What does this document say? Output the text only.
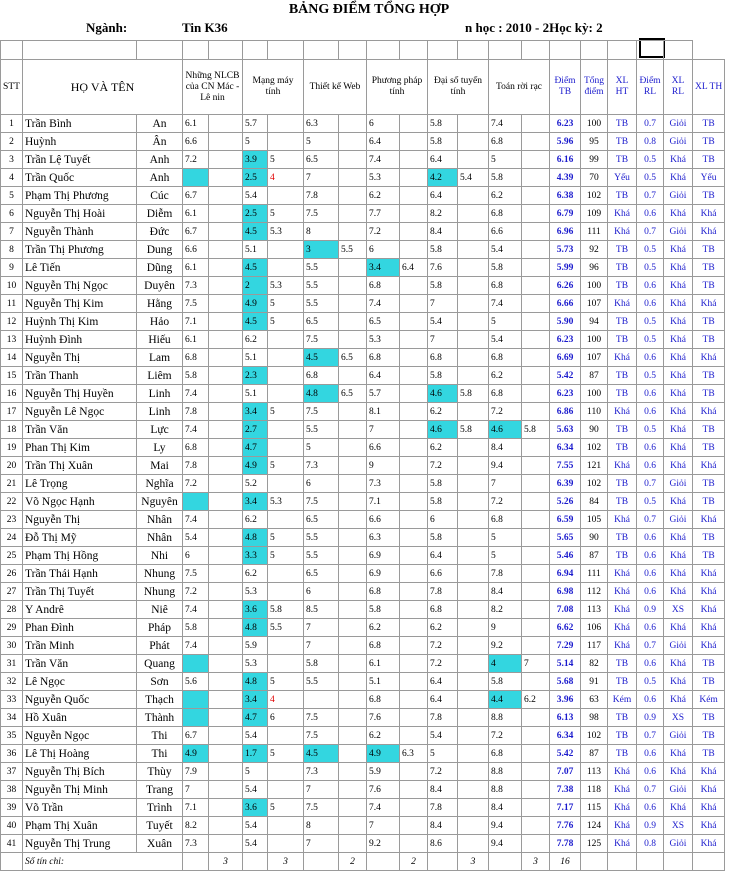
BẢNG ĐIỂM TỔNG HỢP
Ngành:	Tin K36	n học : 2010 - 2Học kỳ: 2

STT	HỌ VÀ TÊN		Những NLCB của CN Mác - Lê nin		Mạng máy tính		Thiết kế Web		Phương pháp tính		Đại số tuyến tính		Toán rời rạc		Điểm TB	Tổng điểm	XL HT	Điểm RL	XL RL	XL TH
1	Trần Bình	An	6.1		5.7		6.3		6		5.8		7.4		6.23	100	TB	0.7	Giỏi	TB
2	Huỳnh	Ân	6.6		5		5		6.4		5.8		6.8		5.96	95	TB	0.8	Giỏi	TB
3	Trần Lệ Tuyết	Anh	7.2		3.9	5	6.5		7.4		6.4		5		6.16	99	TB	0.5	Khá	TB
4	Trần Quốc	Anh			2.5	4	7		5.3		4.2	5.4	5.8		4.39	70	Yếu	0.5	Khá	Yếu
5	Phạm Thị Phương	Cúc	6.7		5.4		7.8		6.2		6.4		6.2		6.38	102	TB	0.7	Giỏi	TB
6	Nguyễn Thị Hoài	Diễm	6.1		2.5	5	7.5		7.7		8.2		6.8		6.79	109	Khá	0.6	Khá	Khá
7	Nguyễn Thành	Đức	6.7		4.5	5.3	8		7.2		8.4		6.6		6.96	111	Khá	0.7	Giỏi	Khá
8	Trần Thị Phương	Dung	6.6		5.1		3	5.5	6		5.8		5.4		5.73	92	TB	0.5	Khá	TB
9	Lê Tiến	Dũng	6.1		4.5		5.5		3.4	6.4	7.6		5.8		5.99	96	TB	0.5	Khá	TB
10	Nguyễn Thị Ngọc	Duyên	7.3		2	5.3	5.5		6.8		5.8		6.8		6.26	100	TB	0.6	Khá	TB
11	Nguyễn Thị Kim	Hằng	7.5		4.9	5	5.5		7.4		7		7.4		6.66	107	Khá	0.6	Khá	Khá
12	Huỳnh Thị Kim	Hảo	7.1		4.5	5	6.5		6.5		5.4		5		5.90	94	TB	0.5	Khá	TB
13	Huỳnh Đình	Hiếu	6.1		6.2		7.5		5.3		7		5.4		6.23	100	TB	0.5	Khá	TB
14	Nguyễn Thị	Lam	6.8		5.1		4.5	6.5	6.8		6.8		6.8		6.69	107	Khá	0.6	Khá	Khá
15	Trần Thanh	Liêm	5.8		2.3		6.8		6.4		5.8		6.2		5.42	87	TB	0.5	Khá	TB
16	Nguyễn Thị Huyền	Linh	7.4		5.1		4.8	6.5	5.7		4.6	5.8	6.8		6.23	100	TB	0.6	Khá	TB
17	Nguyễn Lê Ngọc	Linh	7.8		3.4	5	7.5		8.1		6.2		7.2		6.86	110	Khá	0.6	Khá	Khá
18	Trần Văn	Lực	7.4		2.7		5.5		7		4.6	5.8	4.6	5.8	5.63	90	TB	0.5	Khá	TB
19	Phan Thị Kim	Ly	6.8		4.7		5		6.6		6.2		8.4		6.34	102	TB	0.6	Khá	TB
20	Trần Thị Xuân	Mai	7.8		4.9	5	7.3		9		7.2		9.4		7.55	121	Khá	0.6	Khá	Khá
21	Lê Trọng	Nghĩa	7.2		5.2		6		7.3		5.8		7		6.39	102	TB	0.7	Giỏi	TB
22	Võ Ngọc Hạnh	Nguyên			3.4	5.3	7.5		7.1		5.8		7.2		5.26	84	TB	0.5	Khá	TB
23	Nguyễn Thị	Nhân	7.4		6.2		6.5		6.6		6		6.8		6.59	105	Khá	0.7	Giỏi	Khá
24	Đỗ Thị Mỹ	Nhân	5.4		4.8	5	5.5		6.3		5.8		5		5.65	90	TB	0.6	Khá	TB
25	Phạm Thị Hồng	Nhi	6		3.3	5	5.5		6.9		6.4		5		5.46	87	TB	0.6	Khá	TB
26	Trần Thái Hạnh	Nhung	7.5		6.2		6.5		6.9		6.6		7.8		6.94	111	Khá	0.6	Khá	Khá
27	Trần Thị Tuyết	Nhung	7.2		5.3		6		6.8		7.8		8.4		6.98	112	Khá	0.6	Khá	Khá
28	Y Andrê	Niê	7.4		3.6	5.8	8.5		5.8		6.8		8.2		7.08	113	Khá	0.9	XS	Khá
29	Phan Đình	Pháp	5.8		4.8	5.5	7		6.2		6.2		9		6.62	106	Khá	0.6	Khá	Khá
30	Trần Minh	Phát	7.4		5.9		7		6.8		7.2		9.2		7.29	117	Khá	0.7	Giỏi	Khá
31	Trần Văn	Quang			5.3		5.8		6.1		7.2		4	7	5.14	82	TB	0.6	Khá	TB
32	Lê Ngọc	Sơn	5.6		4.8	5	5.5		5.1		6.4		5.8		5.68	91	TB	0.5	Khá	TB
33	Nguyễn Quốc	Thạch			3.4	4			6.8		6.4		4.4	6.2	3.96	63	Kém	0.6	Khá	Kém
34	Hồ Xuân	Thành			4.7	6	7.5		7.6		7.8		8.8		6.13	98	TB	0.9	XS	TB
35	Nguyễn Ngọc	Thi	6.7		5.4		7.5		6.2		5.4		7.2		6.34	102	TB	0.7	Giỏi	TB
36	Lê Thị Hoàng	Thi	4.9		1.7	5	4.5		4.9	6.3	5		6.8		5.42	87	TB	0.6	Khá	TB
37	Nguyễn Thị Bích	Thùy	7.9		5		7.3		5.9		7.2		8.8		7.07	113	Khá	0.6	Khá	Khá
38	Nguyễn Thị Minh	Trang	7		5.4		7		7.6		8.4		8.8		7.38	118	Khá	0.7	Giỏi	Khá
39	Võ Trần	Trình	7.1		3.6	5	7.5		7.4		7.8		8.4		7.17	115	Khá	0.6	Khá	Khá
40	Phạm Thị Xuân	Tuyết	8.2		5.4		8		7		8.4		9.4		7.76	124	Khá	0.9	XS	Khá
41	Nguyễn Thị Trung	Xuân	7.3		5.4		7		9.2		8.6		9.4		7.78	125	Khá	0.8	Giỏi	Khá
	Số tín chỉ:			3		3		2		2		3		3	16					
